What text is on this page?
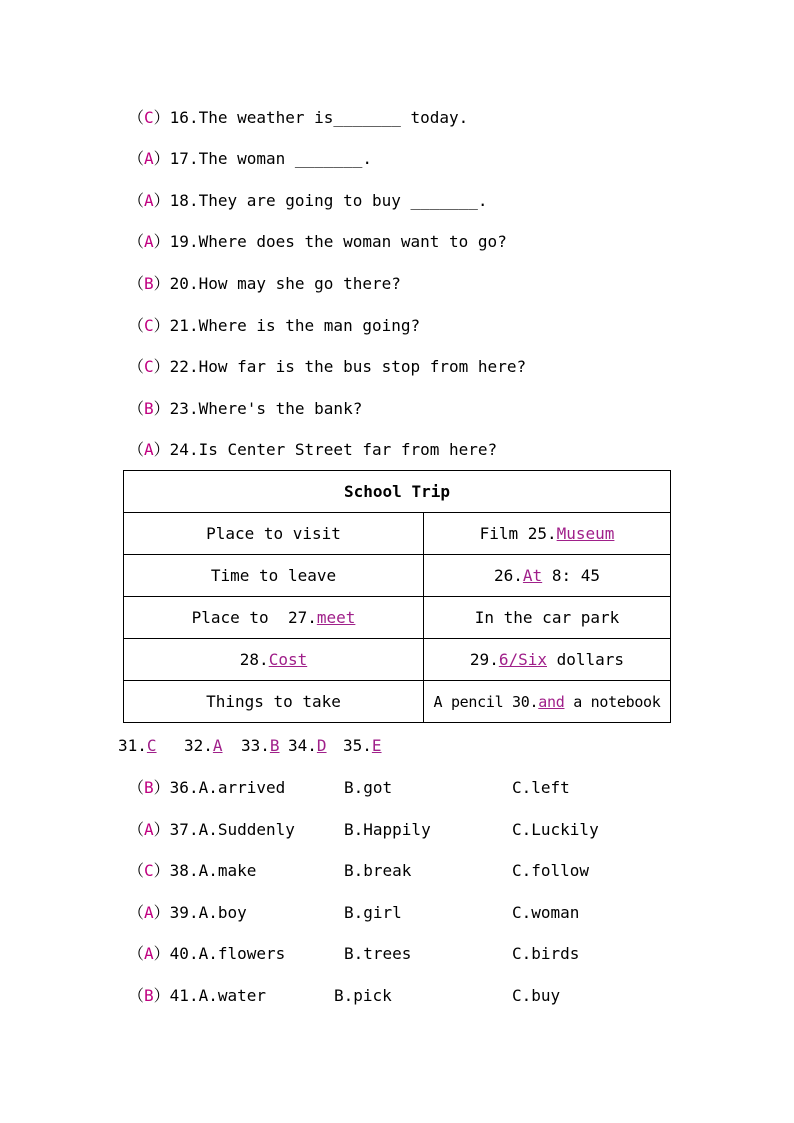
（C）16.The weather is_______ today.
（A）17.The woman _______.
（A）18.They are going to buy _______.
（A）19.Where does the woman want to go?
（B）20.How may she go there?
（C）21.Where is the man going?
（C）22.How far is the bus stop from here?
（B）23.Where's the bank?
（A）24.Is Center Street far from here?
School Trip	
Place to visit	Film 25.Museum
Time to leave	26.At 8: 45
Place to  27.meet	In the car park
28.Cost	29.6/Six dollars
Things to take	A pencil 30.and a notebook
31.C 32.A 33.B 34.D 35.E
（B）36.A.arrived	B.got	C.left
（A）37.A.Suddenly	B.Happily	C.Luckily
（C）38.A.make	B.break	C.follow
（A）39.A.boy	B.girl	C.woman
（A）40.A.flowers	B.trees	C.birds
（B）41.A.water	B.pick	C.buy
